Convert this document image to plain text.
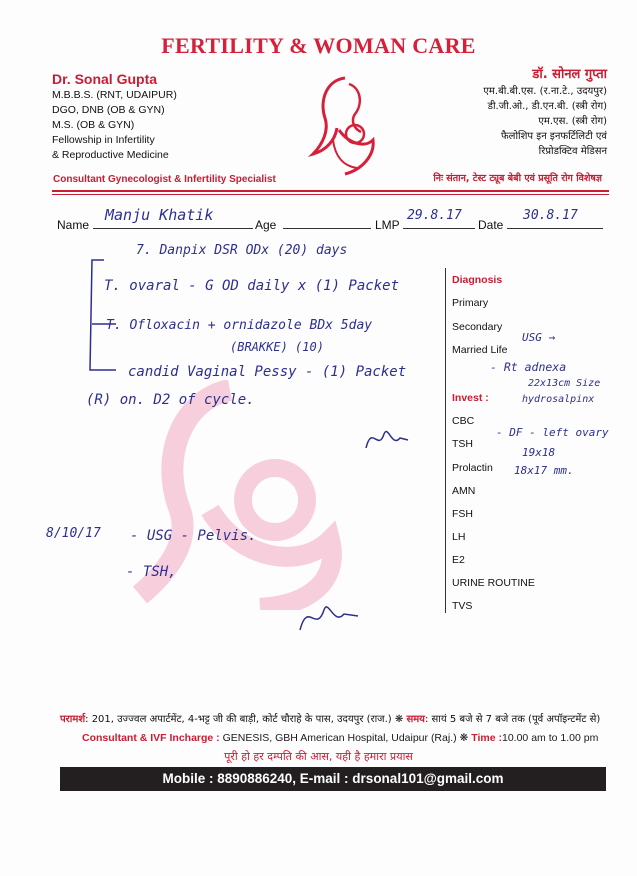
FERTILITY & WOMAN CARE
Dr. Sonal Gupta
M.B.B.S. (RNT, UDAIPUR)
DGO, DNB (OB & GYN)
M.S. (OB & GYN)
Fellowship in Infertility
& Reproductive Medicine
डॉ. सोनल गुप्ता
एम.बी.बी.एस. (र.ना.टे., उदयपुर)
डी.जी.ओ., डी.एन.बी. (स्त्री रोग)
एम.एस. (स्त्री रोग)
फैलोशिप इन इनफर्टिलिटी एवं
रिप्रोडक्टिव मेडिसन
Consultant Gynecologist & Infertility Specialist	निः संतान, टेस्ट ट्यूब बेबी एवं प्रसूति रोग विशेषज्ञ
Name
Manju Khatik
Age	LMP
29.8.17
Date
30.8.17
7. Danpix DSR ODx (20) days
T. ovaral - G OD daily x (1) Packet
T. Ofloxacin + ornidazole BDx 5day
(BRAKKE) (10)
candid Vaginal Pessy - (1) Packet
(R) on. D2 of cycle.
8/10/17 - USG - Pelvis.
- TSH,
Diagnosis
Primary
Secondary
Married Life
Invest :
CBC
TSH
Prolactin
AMN
FSH
LH
E2
URINE ROUTINE
TVS
USG →
- Rt adnexa
22x13cm Size
hydrosalpinx
- DF - left ovary
19x18
18x17 mm.
परामर्श: 201, उज्ज्वल अपार्टमेंट, 4-भट्ट जी की बाड़ी, कोर्ट चौराहे के पास, उदयपुर (राज.) ❋ समय: सायं 5 बजे से 7 बजे तक (पूर्व अपॉइन्टमेंट से)
Consultant & IVF Incharge : GENESIS, GBH American Hospital, Udaipur (Raj.) ❋ Time :10.00 am to 1.00 pm
पूरी हो हर दम्पति की आस, यही है हमारा प्रयास
Mobile : 8890886240, E-mail : drsonal101@gmail.com
